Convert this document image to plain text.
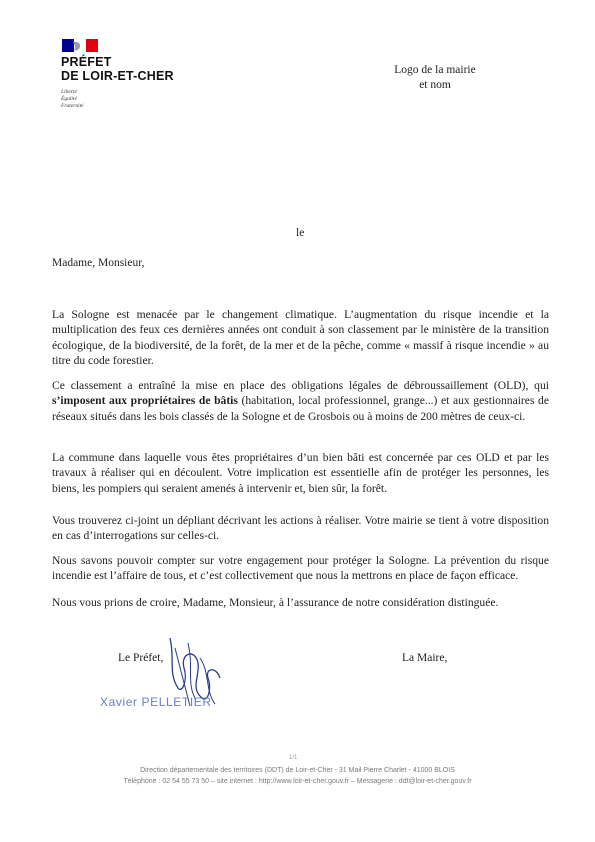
PRÉFET
DE LOIR-ET-CHER
Liberté
Égalité
Fraternité
Logo de la mairie
et nom
le
Madame, Monsieur,
La Sologne est menacée par le changement climatique. L’augmentation du risque incendie et la multiplication des feux ces dernières années ont conduit à son classement par le ministère de la transition écologique, de la biodiversité, de la forêt, de la mer et de la pêche, comme « massif à risque incendie » au titre du code forestier.
Ce classement a entraîné la mise en place des obligations légales de débroussaillement (OLD), qui s’imposent aux propriétaires de bâtis (habitation, local professionnel, grange...) et aux gestionnaires de réseaux situés dans les bois classés de la Sologne et de Grosbois ou à moins de 200 mètres de ceux-ci.
La commune dans laquelle vous êtes propriétaires d’un bien bâti est concernée par ces OLD et par les travaux à réaliser qui en découlent. Votre implication est essentielle afin de protéger les personnes, les biens, les pompiers qui seraient amenés à intervenir et, bien sûr, la forêt.
Vous trouverez ci-joint un dépliant décrivant les actions à réaliser. Votre mairie se tient à votre disposition en cas d’interrogations sur celles-ci.
Nous savons pouvoir compter sur votre engagement pour protéger la Sologne. La prévention du risque incendie est l’affaire de tous, et c’est collectivement que nous la mettrons en place de façon efficace.
Nous vous prions de croire, Madame, Monsieur, à l’assurance de notre considération distinguée.
Le Préfet,	La Maire,
Xavier PELLETIER
1/1
Direction départementale des territoires (DDT) de Loir-et-Cher - 31 Mail Pierre Charlet - 41000 BLOIS
Téléphone : 02 54 55 73 50 – site internet : http://www.loir-et-cher.gouv.fr – Messagerie : ddt@loir-et-cher.gouv.fr
